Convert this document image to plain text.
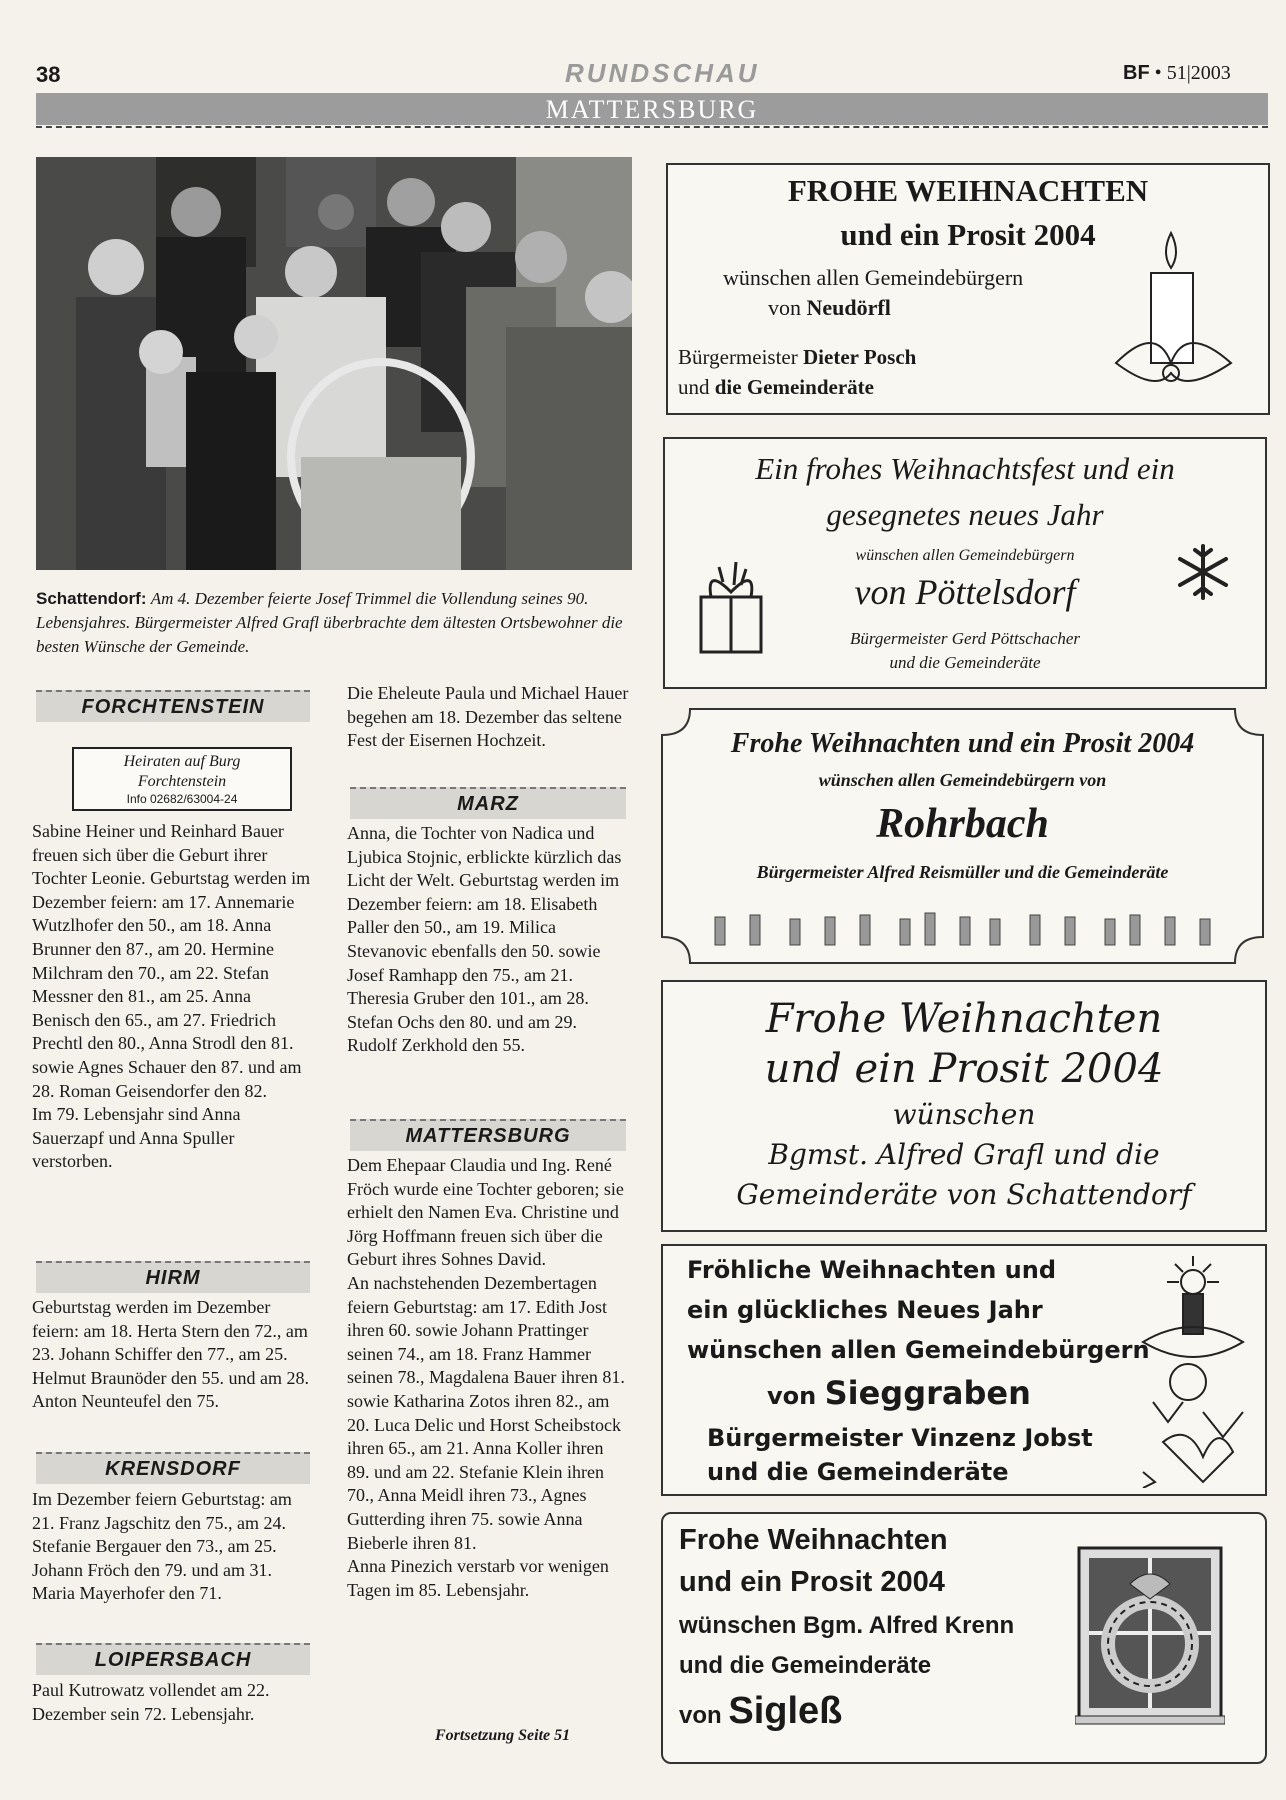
38	RUNDSCHAU	BF • 51|2003
MATTERSBURG
Schattendorf: Am 4. Dezember feierte Josef Trimmel die Vollendung seines 90. Lebensjahres. Bürgermeister Alfred Grafl überbrachte dem ältesten Ortsbewohner die besten Wünsche der Gemeinde.
FORCHTENSTEIN
Heiraten auf Burg
Forchtenstein
Info 02682/63004-24

Sabine Heiner und Reinhard Bauer freuen sich über die Geburt ihrer Tochter Leonie. Geburtstag werden im Dezember feiern: am 17. Annemarie Wutzlhofer den 50., am 18. Anna Brunner den 87., am 20. Hermine Milchram den 70., am 22. Stefan Messner den 81., am 25. Anna Benisch den 65., am 27. Friedrich Prechtl den 80., Anna Strodl den 81. sowie Agnes Schauer den 87. und am 28. Roman Geisendorfer den 82.

Im 79. Lebensjahr sind Anna Sauerzapf und Anna Spuller verstorben.

HIRM
Geburtstag werden im Dezember feiern: am 18. Herta Stern den 72., am 23. Johann Schiffer den 77., am 25. Helmut Braunöder den 55. und am 28. Anton Neunteufel den 75.
KRENSDORF
Im Dezember feiern Geburtstag: am 21. Franz Jagschitz den 75., am 24. Stefanie Bergauer den 73., am 25. Johann Fröch den 79. und am 31. Maria Mayerhofer den 71.
LOIPERSBACH
Paul Kutrowatz vollendet am 22. Dezember sein 72. Lebensjahr.
Die Eheleute Paula und Michael Hauer begehen am 18. Dezember das seltene Fest der Eisernen Hochzeit.
MARZ
Anna, die Tochter von Nadica und Ljubica Stojnic, erblickte kürzlich das Licht der Welt. Geburtstag werden im Dezember feiern: am 18. Elisabeth Paller den 50., am 19. Milica Stevanovic ebenfalls den 50. sowie Josef Ramhapp den 75., am 21. Theresia Gruber den 101., am 28. Stefan Ochs den 80. und am 29. Rudolf Zerkhold den 55.
MATTERSBURG

Dem Ehepaar Claudia und Ing. René Fröch wurde eine Tochter geboren; sie erhielt den Namen Eva. Christine und Jörg Hoffmann freuen sich über die Geburt ihres Sohnes David.

An nachstehenden Dezembertagen feiern Geburtstag: am 17. Edith Jost ihren 60. sowie Johann Prattinger seinen 74., am 18. Franz Hammer seinen 78., Magdalena Bauer ihren 81. sowie Katharina Zotos ihren 82., am 20. Luca Delic und Horst Scheibstock ihren 65., am 21. Anna Koller ihren 89. und am 22. Stefanie Klein ihren 70., Anna Meidl ihren 73., Agnes Gutterding ihren 75. sowie Anna Bieberle ihren 81.

Anna Pinezich verstarb vor wenigen Tagen im 85. Lebensjahr.

Fortsetzung Seite 51
FROHE WEIHNACHTEN
und ein Prosit 2004
wünschen allen Gemeindebürgern
von Neudörfl
Bürgermeister Dieter Posch
und die Gemeinderäte
Ein frohes Weihnachtsfest und ein
gesegnetes neues Jahr
wünschen allen Gemeindebürgern
von Pöttelsdorf
Bürgermeister Gerd Pöttschacher
und die Gemeinderäte
Frohe Weihnachten und ein Prosit 2004
wünschen allen Gemeindebürgern von
Rohrbach
Bürgermeister Alfred Reismüller und die Gemeinderäte
Frohe Weihnachten
und ein Prosit 2004
wünschen
Bgmst. Alfred Grafl und die
Gemeinderäte von Schattendorf
Fröhliche Weihnachten und
ein glückliches Neues Jahr
wünschen allen Gemeindebürgern
von Sieggraben
Bürgermeister Vinzenz Jobst
und die Gemeinderäte
Frohe Weihnachten
und ein Prosit 2004
wünschen Bgm. Alfred Krenn
und die Gemeinderäte
von Sigleß
